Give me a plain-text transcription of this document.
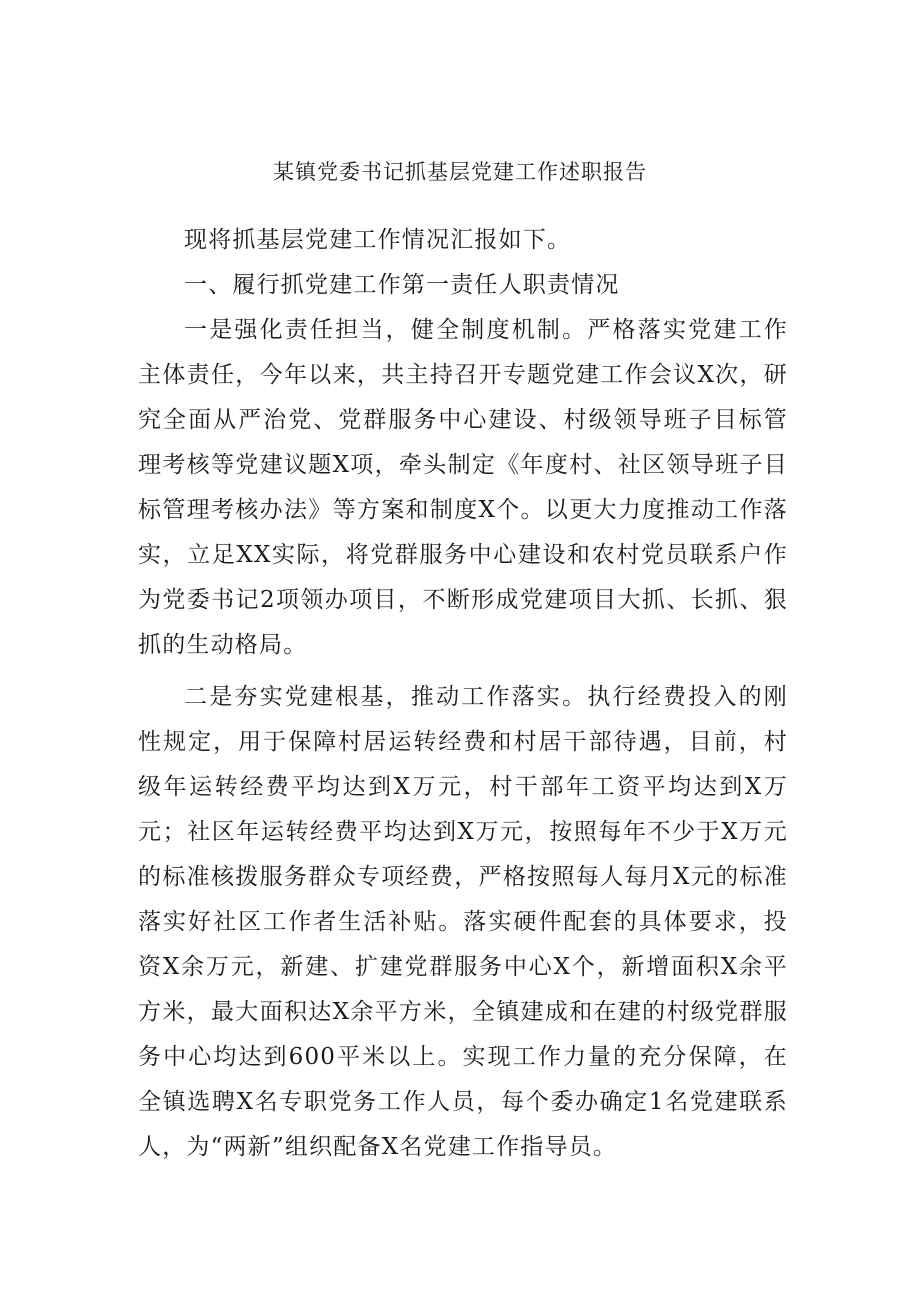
某镇党委书记抓基层党建工作述职报告

现将抓基层党建工作情况汇报如下。

一、履行抓党建工作第一责任人职责情况

一是强化责任担当，健全制度机制。严格落实党建工作主体责任，今年以来，共主持召开专题党建工作会议X次，研究全面从严治党、党群服务中心建设、村级领导班子目标管理考核等党建议题X项，牵头制定《年度村、社区领导班子目标管理考核办法》等方案和制度X个。以更大力度推动工作落实，立足XX实际，将党群服务中心建设和农村党员联系户作为党委书记2项领办项目，不断形成党建项目大抓、长抓、狠抓的生动格局。

二是夯实党建根基，推动工作落实。执行经费投入的刚性规定，用于保障村居运转经费和村居干部待遇，目前，村级年运转经费平均达到X万元，村干部年工资平均达到X万元；社区年运转经费平均达到X万元，按照每年不少于X万元的标准核拨服务群众专项经费，严格按照每人每月X元的标准落实好社区工作者生活补贴。落实硬件配套的具体要求，投资X余万元，新建、扩建党群服务中心X个，新增面积X余平方米，最大面积达X余平方米，全镇建成和在建的村级党群服务中心均达到600平米以上。实现工作力量的充分保障，在全镇选聘X名专职党务工作人员，每个委办确定1名党建联系人，为“两新”组织配备X名党建工作指导员。
